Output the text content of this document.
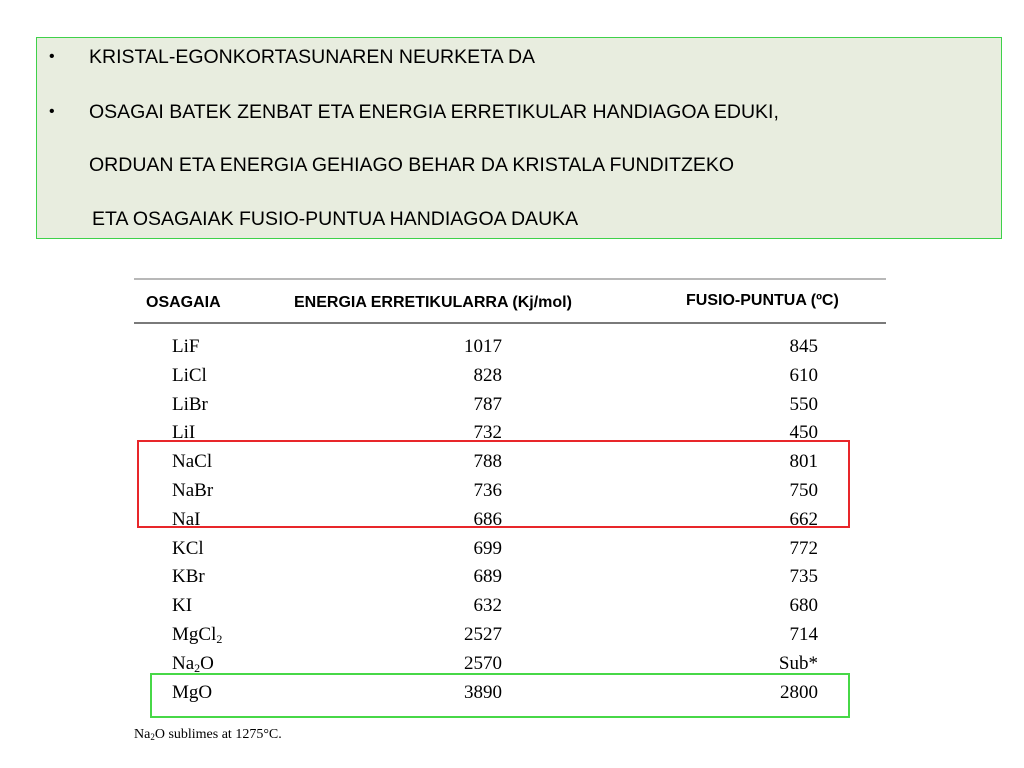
• KRISTAL-EGONKORTASUNAREN NEURKETA DA
• OSAGAI BATEK ZENBAT ETA ENERGIA ERRETIKULAR HANDIAGOA EDUKI,
ORDUAN ETA ENERGIA GEHIAGO BEHAR DA KRISTALA FUNDITZEKO
ETA OSAGAIAK FUSIO-PUNTUA HANDIAGOA DAUKA
OSAGAIA	ENERGIA ERRETIKULARRA (Kj/mol)	FUSIO-PUNTUA (ºC)
LiF	1017	845
LiCl	828	610
LiBr	787	550
LiI	732	450
NaCl	788	801
NaBr	736	750
NaI	686	662
KCl	699	772
KBr	689	735
KI	632	680
MgCl$_2$	2527	714
$Na_2O$	2570	Sub*
MgO	3890	2800
$Na_2O$ sublimes at 1275°C.
